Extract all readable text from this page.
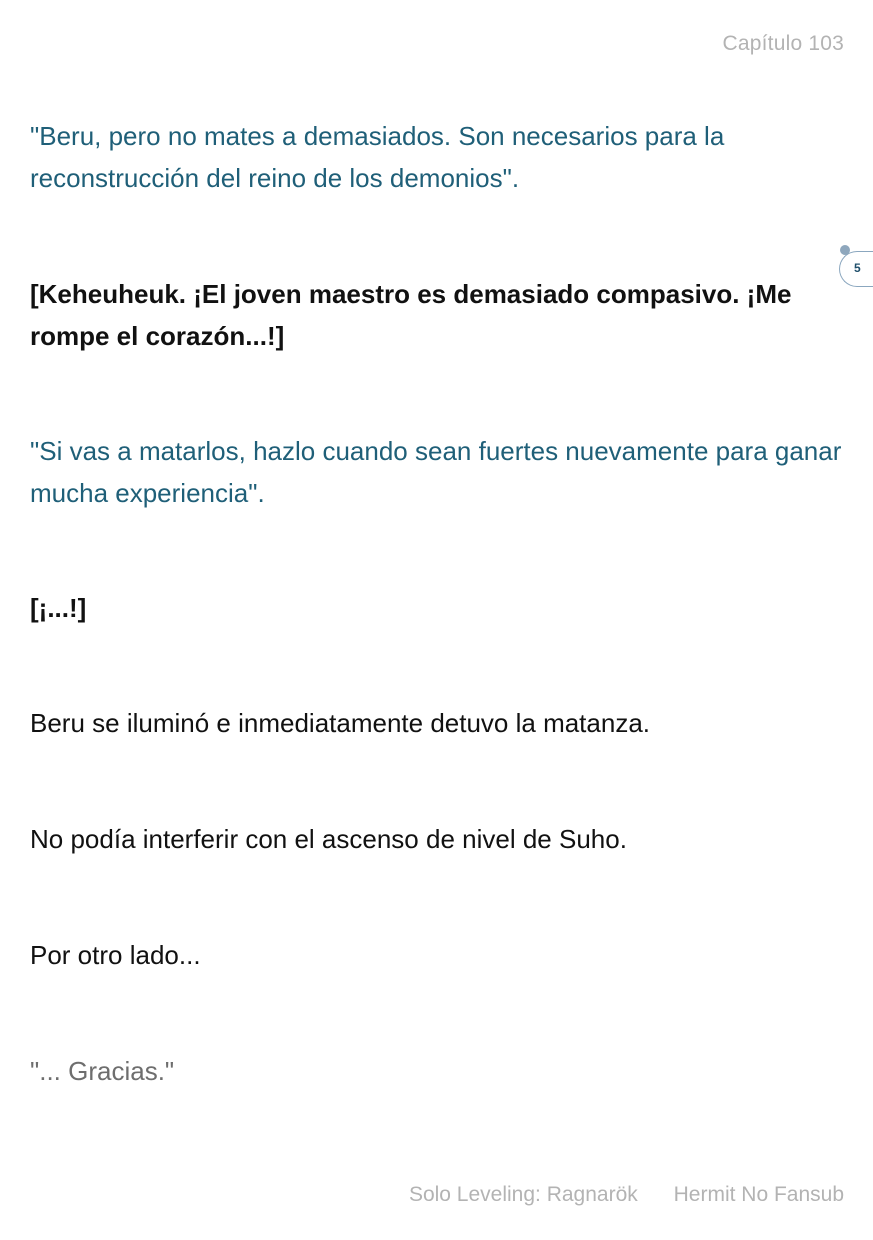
Capítulo 103

"Beru, pero no mates a demasiados. Son necesarios para la reconstrucción del reino de los demonios".

[Keheuheuk. ¡El joven maestro es demasiado compasivo. ¡Me rompe el corazón...!]

5

"Si vas a matarlos, hazlo cuando sean fuertes nuevamente para ganar mucha experiencia".

[¡...!]

Beru se iluminó e inmediatamente detuvo la matanza.

No podía interferir con el ascenso de nivel de Suho.

Por otro lado...

"... Gracias."

Solo Leveling: Ragnarök Hermit No Fansub
